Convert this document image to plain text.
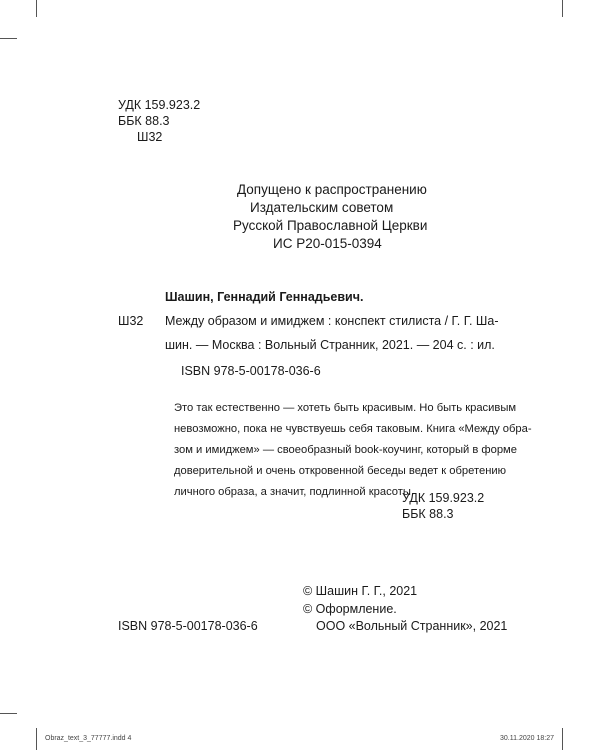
УДК 159.923.2
ББК 88.3
Ш32
Допущено к распространению
Издательским советом
Русской Православной Церкви
ИС Р20-015-0394
Шашин, Геннадий Геннадьевич.
Ш32 Между образом и имиджем : конспект стилиста / Г. Г. Ша-
шин. — Москва : Вольный Странник, 2021. — 204 с. : ил.
ISBN 978-5-00178-036-6
Это так естественно — хотеть быть красивым. Но быть красивым
невозможно, пока не чувствуешь себя таковым. Книга «Между обра-
зом и имиджем» — своеобразный book-коучинг, который в форме
доверительной и очень откровенной беседы ведет к обретению
личного образа, а значит, подлинной красоты.
УДК 159.923.2
ББК 88.3
© Шашин Г. Г., 2021
© Оформление.
ISBN 978-5-00178-036-6	ООО «Вольный Странник», 2021
Obraz_text_3_77777.indd 4	30.11.2020 18:27
